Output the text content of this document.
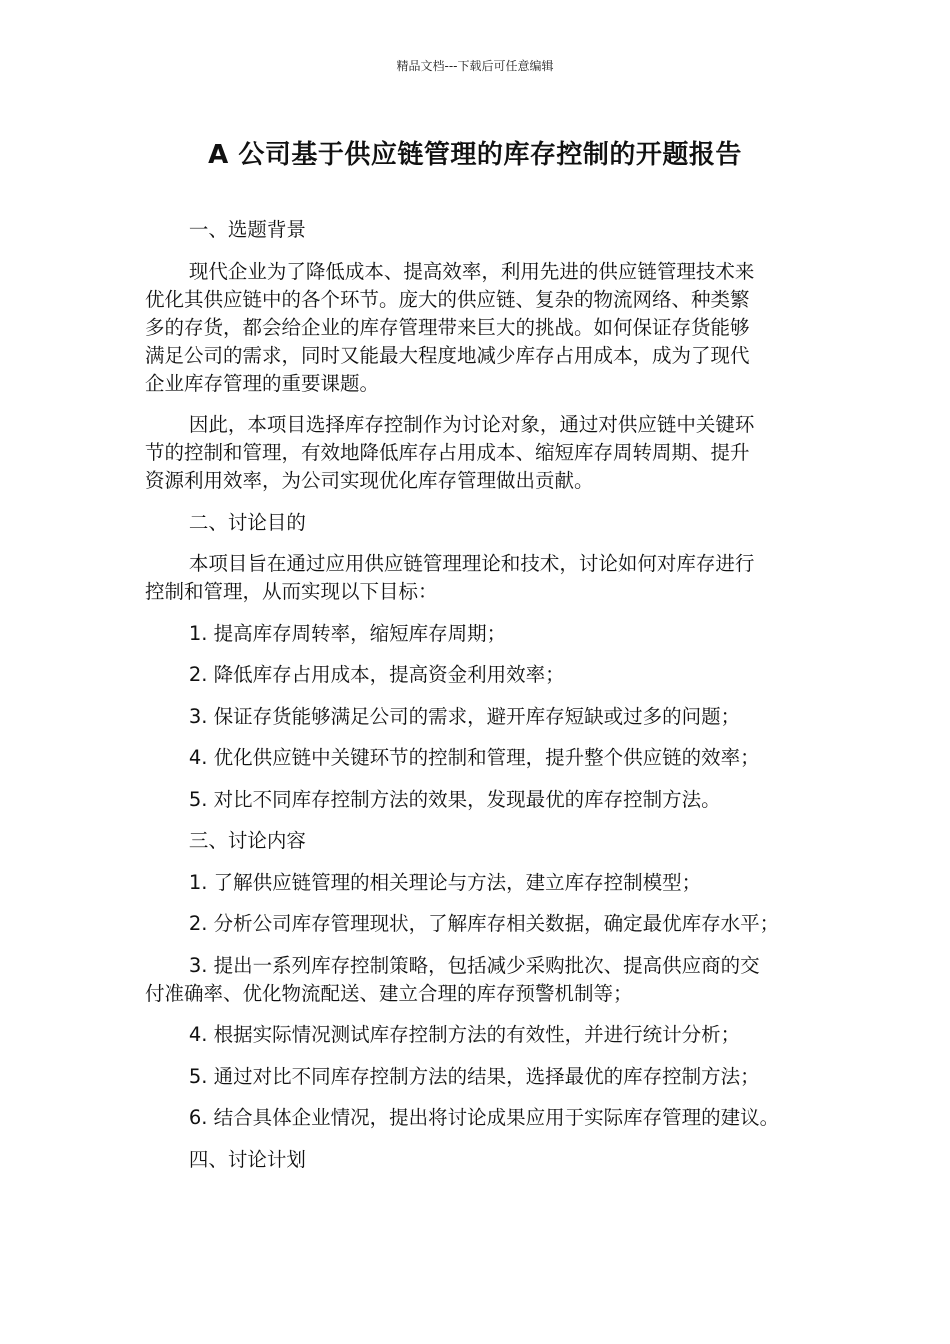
精品文档---下载后可任意编辑
A 公司基于供应链管理的库存控制的开题报告

一、选题背景

现代企业为了降低成本、提高效率，利用先进的供应链管理技术来
优化其供应链中的各个环节。庞大的供应链、复杂的物流网络、种类繁
多的存货，都会给企业的库存管理带来巨大的挑战。如何保证存货能够
满足公司的需求，同时又能最大程度地减少库存占用成本，成为了现代
企业库存管理的重要课题。

因此，本项目选择库存控制作为讨论对象，通过对供应链中关键环
节的控制和管理，有效地降低库存占用成本、缩短库存周转周期、提升
资源利用效率，为公司实现优化库存管理做出贡献。

二、讨论目的

本项目旨在通过应用供应链管理理论和技术，讨论如何对库存进行
控制和管理，从而实现以下目标：

1. 提高库存周转率，缩短库存周期；

2. 降低库存占用成本，提高资金利用效率；

3. 保证存货能够满足公司的需求，避开库存短缺或过多的问题；

4. 优化供应链中关键环节的控制和管理，提升整个供应链的效率；

5. 对比不同库存控制方法的效果，发现最优的库存控制方法。

三、讨论内容

1. 了解供应链管理的相关理论与方法，建立库存控制模型；

2. 分析公司库存管理现状，了解库存相关数据，确定最优库存水平；

3. 提出一系列库存控制策略，包括减少采购批次、提高供应商的交
付准确率、优化物流配送、建立合理的库存预警机制等；

4. 根据实际情况测试库存控制方法的有效性，并进行统计分析；

5. 通过对比不同库存控制方法的结果，选择最优的库存控制方法；

6. 结合具体企业情况，提出将讨论成果应用于实际库存管理的建议。

四、讨论计划
